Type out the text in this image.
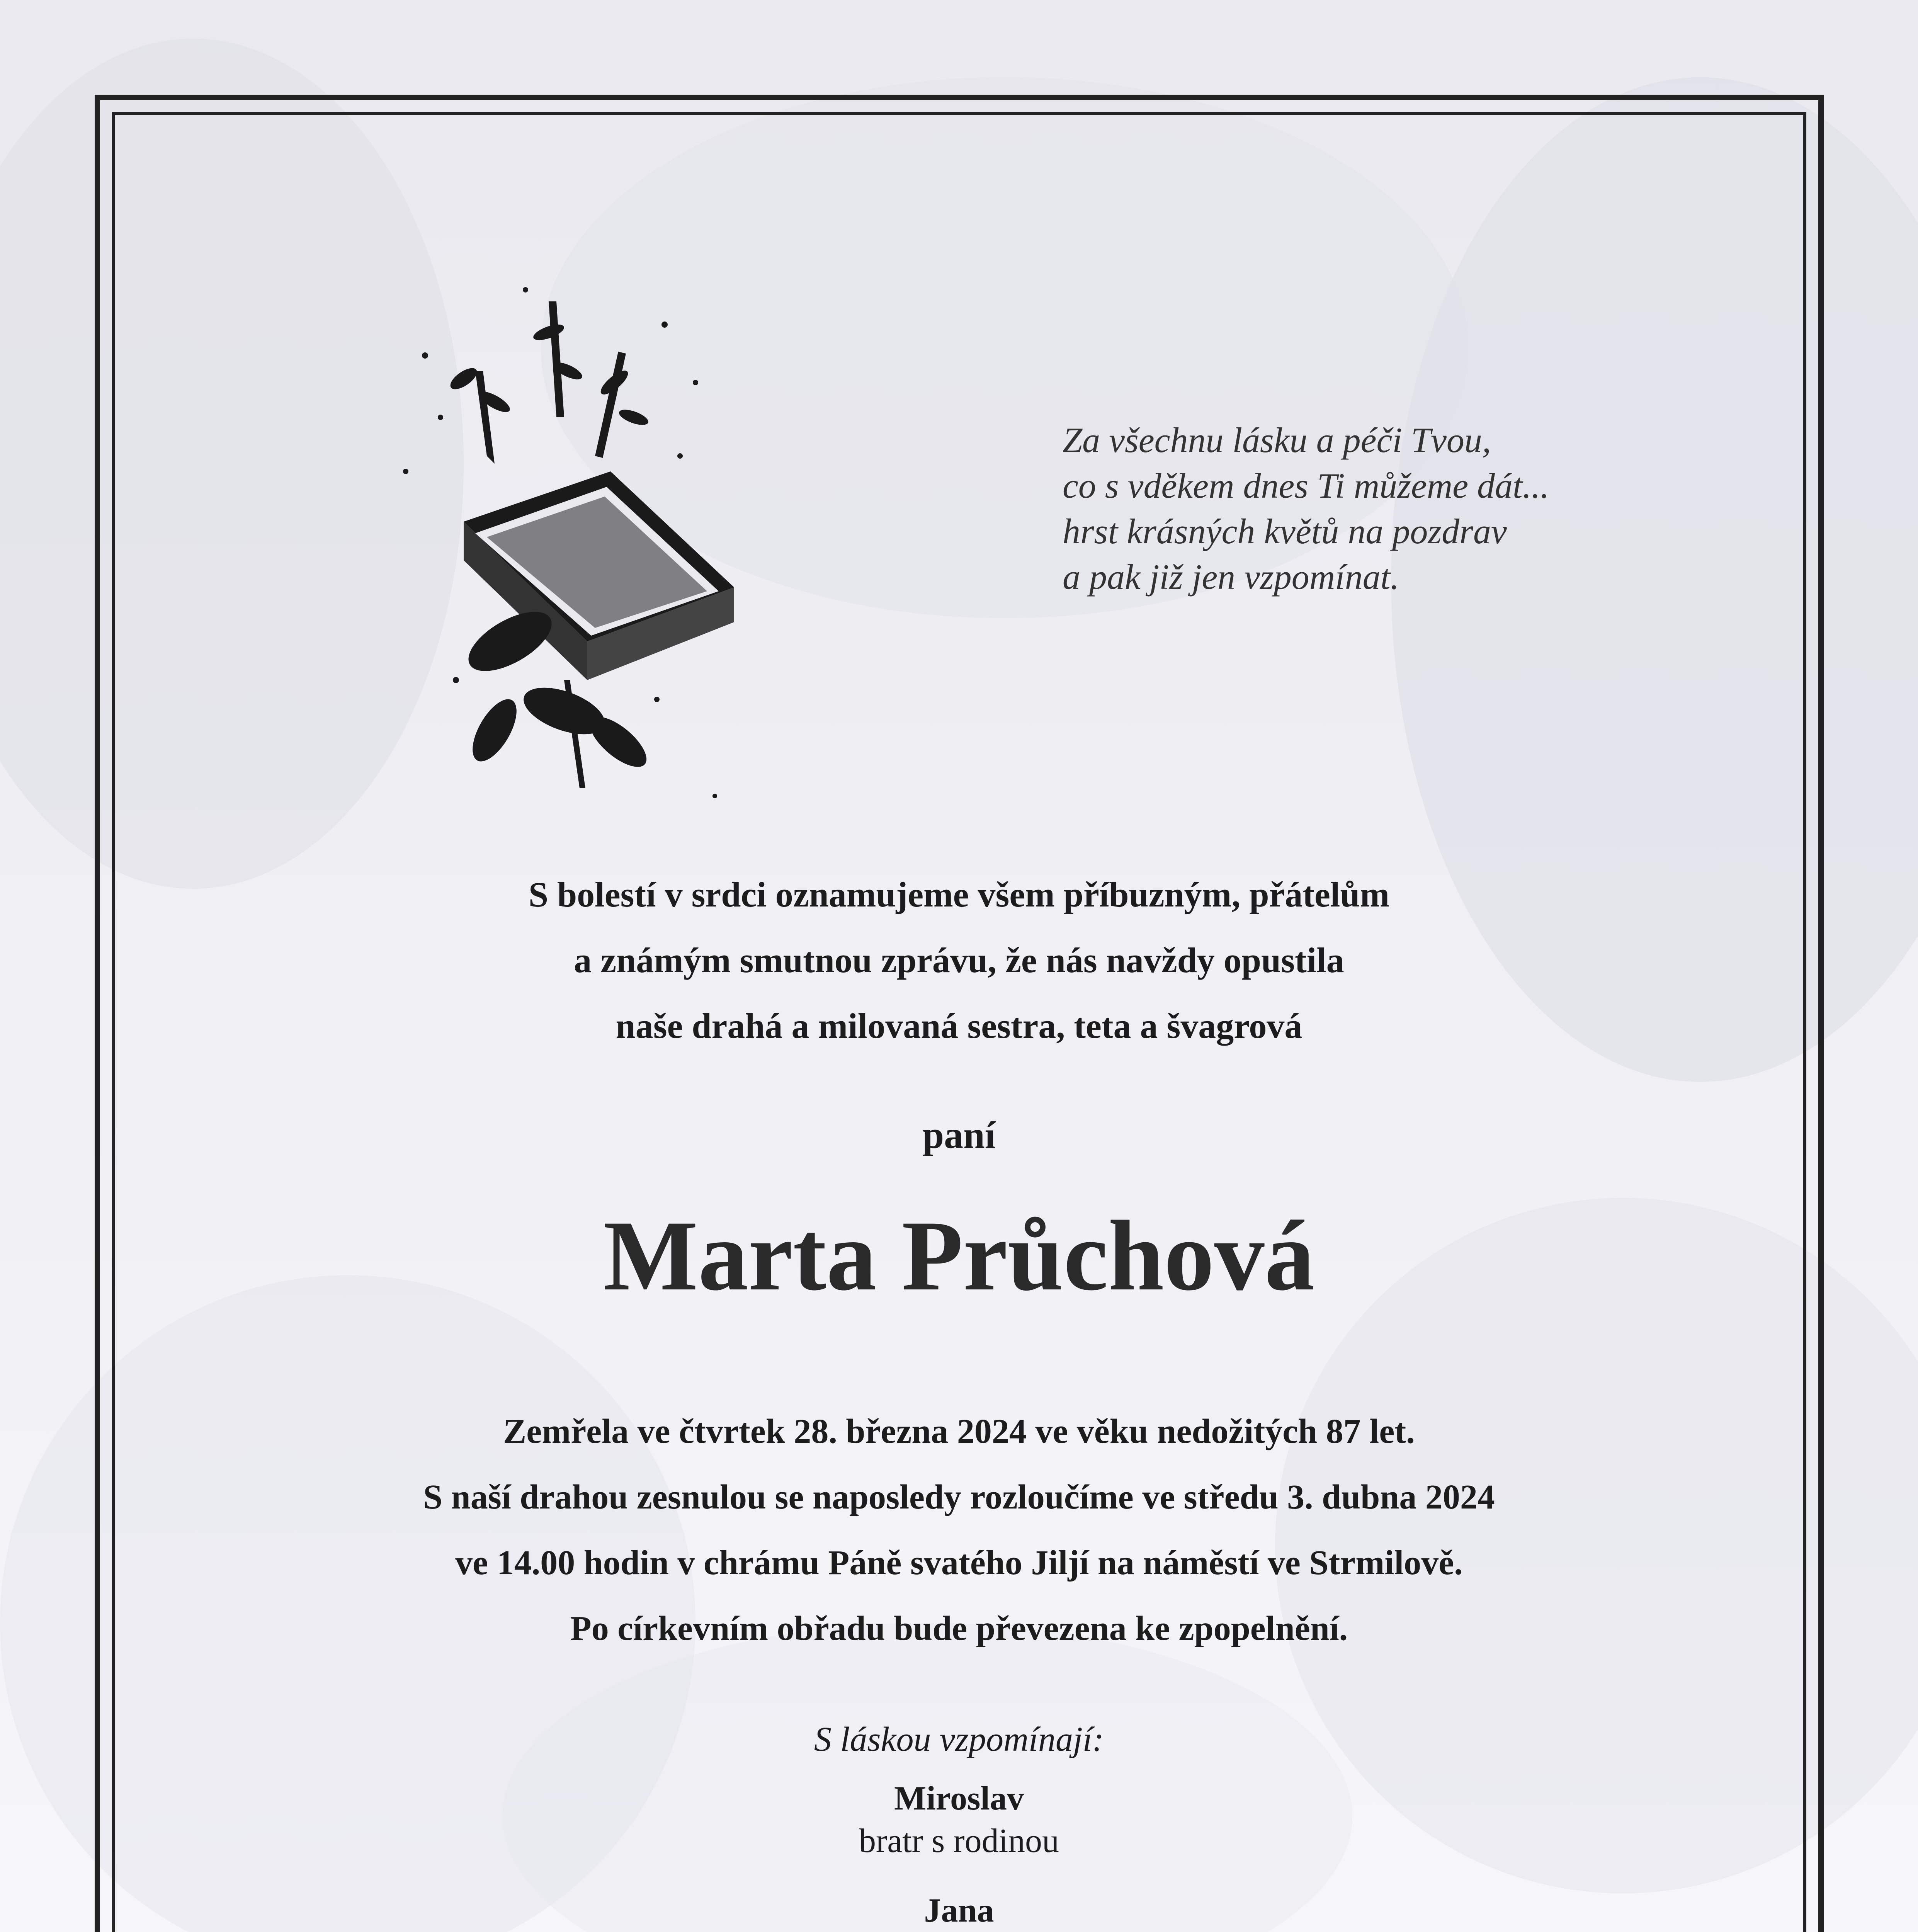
Za všechnu lásku a péči Tvou,
co s vděkem dnes Ti můžeme dát...
hrst krásných květů na pozdrav
a pak již jen vzpomínat.
S bolestí v srdci oznamujeme všem příbuzným, přátelům
a známým smutnou zprávu, že nás navždy opustila
naše drahá a milovaná sestra, teta a švagrová
paní
Marta Průchová
Zemřela ve čtvrtek 28. března 2024 ve věku nedožitých 87 let.
S naší drahou zesnulou se naposledy rozloučíme ve středu 3. dubna 2024
ve 14.00 hodin v chrámu Páně svatého Jiljí na náměstí ve Strmilově.
Po církevním obřadu bude převezena ke zpopelnění.
S láskou vzpomínají:
Miroslav
bratr s rodinou
Jana
